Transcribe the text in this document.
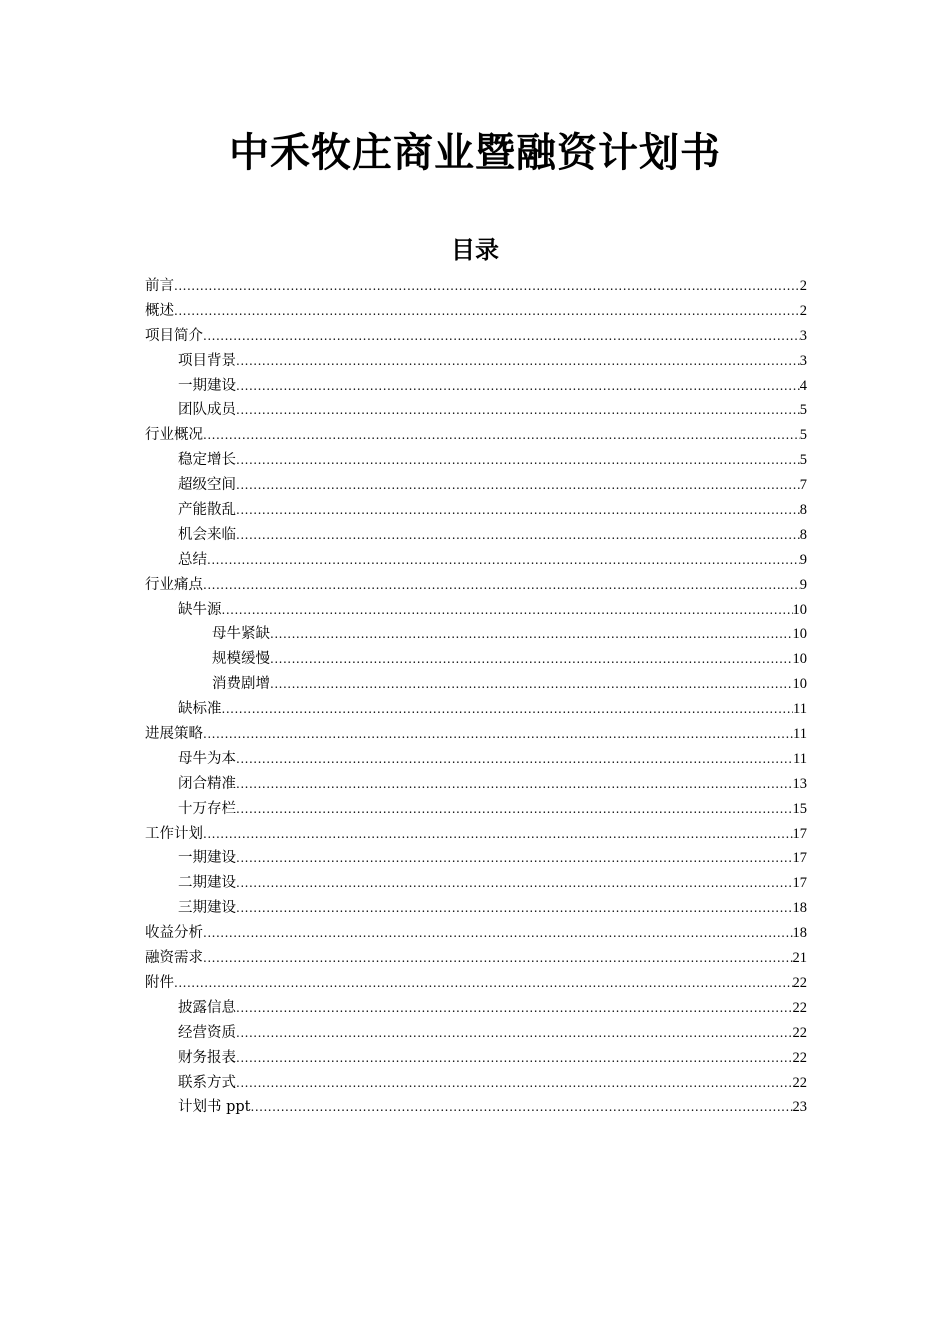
中禾牧庄商业暨融资计划书
目录
前言 .....	2
概述 .....	2
项目简介 .....	3
项目背景 .....	3
一期建设 .....	4
团队成员 .....	5
行业概况 .....	5
稳定增长 .....	5
超级空间 .....	7
产能散乱 .....	8
机会来临 .....	8
总结 .....	9
行业痛点 .....	9
缺牛源 .....	10
母牛紧缺 .....	10
规模缓慢 .....	10
消费剧增 .....	10
缺标准 .....	11
进展策略 .....	11
母牛为本 .....	11
闭合精准 .....	13
十万存栏 .....	15
工作计划 .....	17
一期建设 .....	17
二期建设 .....	17
三期建设 .....	18
收益分析 .....	18
融资需求 .....	21
附件 .....	22
披露信息 .....	22
经营资质 .....	22
财务报表 .....	22
联系方式 .....	22
计划书 ppt .....	23
